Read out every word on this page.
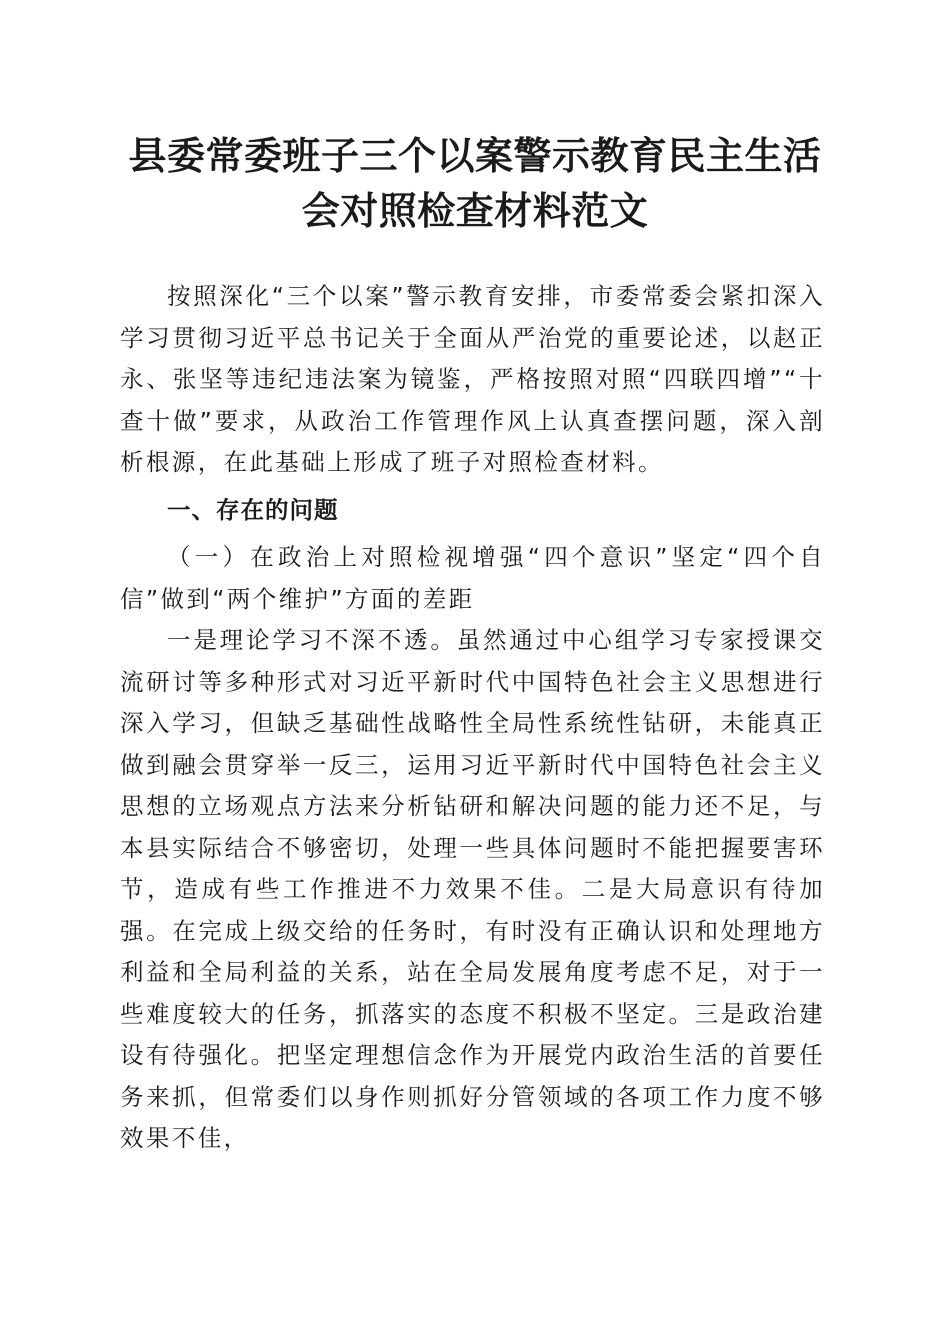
县委常委班子三个以案警示教育民主生活会对照检查材料范文

按照深化“三个以案”警示教育安排，市委常委会紧扣深入学习贯彻习近平总书记关于全面从严治党的重要论述，以赵正永、张坚等违纪违法案为镜鉴，严格按照对照“四联四增”“十查十做”要求，从政治工作管理作风上认真查摆问题，深入剖析根源，在此基础上形成了班子对照检查材料。

一、存在的问题

（一）在政治上对照检视增强“四个意识”坚定“四个自信”做到“两个维护”方面的差距

一是理论学习不深不透。虽然通过中心组学习专家授课交流研讨等多种形式对习近平新时代中国特色社会主义思想进行深入学习，但缺乏基础性战略性全局性系统性钻研，未能真正做到融会贯穿举一反三，运用习近平新时代中国特色社会主义思想的立场观点方法来分析钻研和解决问题的能力还不足，与本县实际结合不够密切，处理一些具体问题时不能把握要害环节，造成有些工作推进不力效果不佳。二是大局意识有待加强。在完成上级交给的任务时，有时没有正确认识和处理地方利益和全局利益的关系，站在全局发展角度考虑不足，对于一些难度较大的任务，抓落实的态度不积极不坚定。三是政治建设有待强化。把坚定理想信念作为开展党内政治生活的首要任务来抓，但常委们以身作则抓好分管领域的各项工作力度不够效果不佳，
